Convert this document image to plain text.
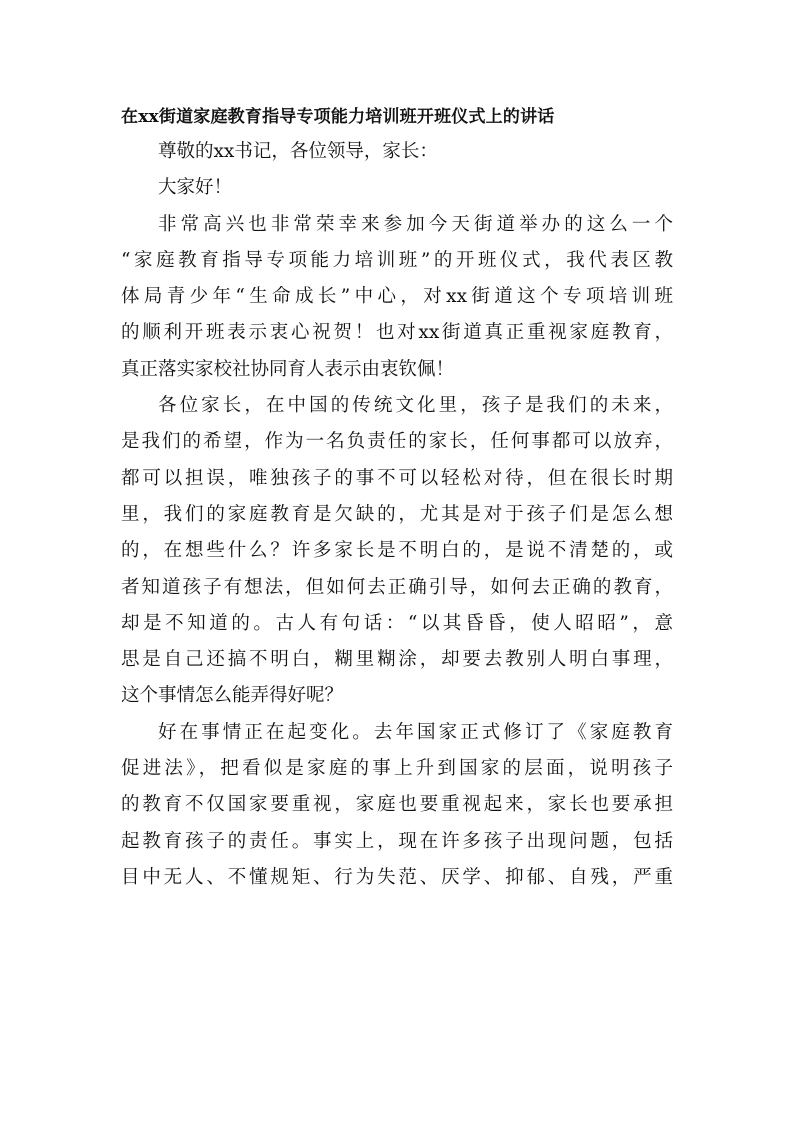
在xx街道家庭教育指导专项能力培训班开班仪式上的讲话

尊敬的xx书记，各位领导，家长：

大家好！

非常高兴也非常荣幸来参加今天街道举办的这么一个
“家庭教育指导专项能力培训班”的开班仪式，我代表区教
体局青少年“生命成长”中心，对xx街道这个专项培训班
的顺利开班表示衷心祝贺！也对xx街道真正重视家庭教育，
真正落实家校社协同育人表示由衷钦佩！

各位家长，在中国的传统文化里，孩子是我们的未来，
是我们的希望，作为一名负责任的家长，任何事都可以放弃，
都可以担误，唯独孩子的事不可以轻松对待，但在很长时期
里，我们的家庭教育是欠缺的，尤其是对于孩子们是怎么想
的，在想些什么？许多家长是不明白的，是说不清楚的，或
者知道孩子有想法，但如何去正确引导，如何去正确的教育，
却是不知道的。古人有句话：“以其昏昏，使人昭昭”，意
思是自己还搞不明白，糊里糊涂，却要去教别人明白事理，
这个事情怎么能弄得好呢？

好在事情正在起变化。去年国家正式修订了《家庭教育
促进法》，把看似是家庭的事上升到国家的层面，说明孩子
的教育不仅国家要重视，家庭也要重视起来，家长也要承担
起教育孩子的责任。事实上，现在许多孩子出现问题，包括
目中无人、不懂规矩、行为失范、厌学、抑郁、自残，严重
